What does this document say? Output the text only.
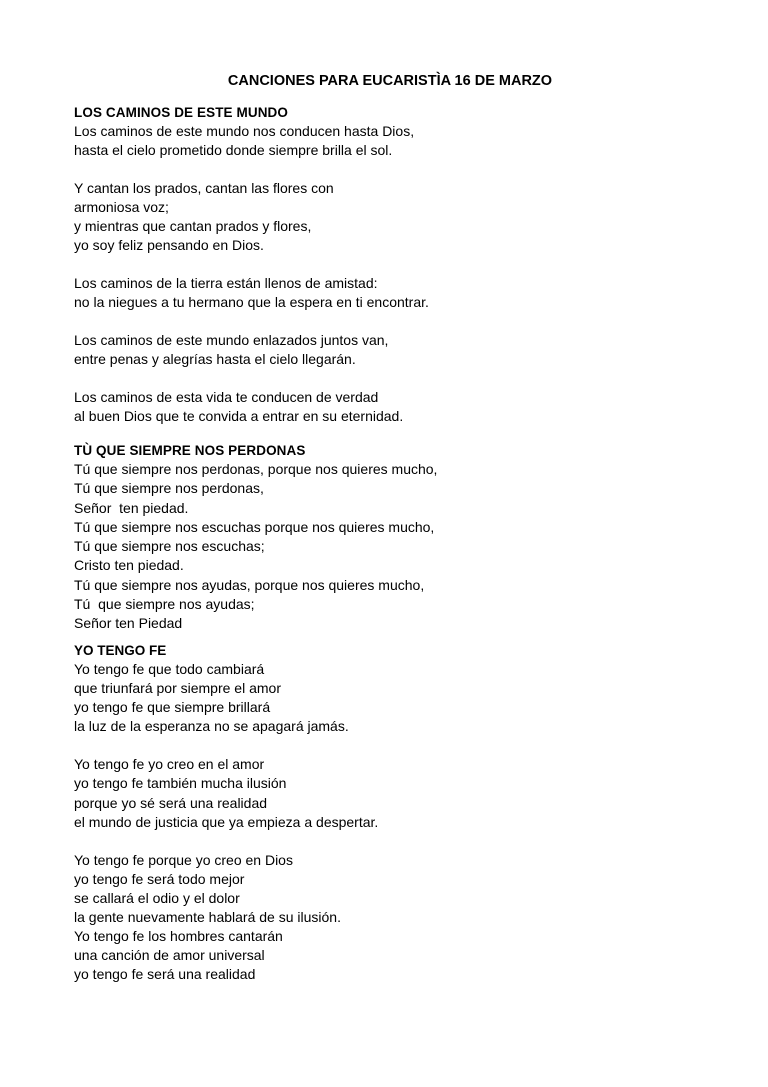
CANCIONES PARA EUCARISTÌA 16 DE MARZO
LOS CAMINOS DE ESTE MUNDO
Los caminos de este mundo nos conducen hasta Dios,
hasta el cielo prometido donde siempre brilla el sol.
Y cantan los prados, cantan las flores con
armoniosa voz;
y mientras que cantan prados y flores,
yo soy feliz pensando en Dios.
Los caminos de la tierra están llenos de amistad:
no la niegues a tu hermano que la espera en ti encontrar.
Los caminos de este mundo enlazados juntos van,
entre penas y alegrías hasta el cielo llegarán.
Los caminos de esta vida te conducen de verdad
al buen Dios que te convida a entrar en su eternidad.
TÙ QUE SIEMPRE NOS PERDONAS
Tú que siempre nos perdonas, porque nos quieres mucho,
Tú que siempre nos perdonas,
Señor  ten piedad.
Tú que siempre nos escuchas porque nos quieres mucho,
Tú que siempre nos escuchas;
Cristo ten piedad.
Tú que siempre nos ayudas, porque nos quieres mucho,
Tú  que siempre nos ayudas;
Señor ten Piedad
YO TENGO FE
Yo tengo fe que todo cambiará
que triunfará por siempre el amor
yo tengo fe que siempre brillará
la luz de la esperanza no se apagará jamás.
Yo tengo fe yo creo en el amor
yo tengo fe también mucha ilusión
porque yo sé será una realidad
el mundo de justicia que ya empieza a despertar.
Yo tengo fe porque yo creo en Dios
yo tengo fe será todo mejor
se callará el odio y el dolor
la gente nuevamente hablará de su ilusión.
Yo tengo fe los hombres cantarán
una canción de amor universal
yo tengo fe será una realidad
